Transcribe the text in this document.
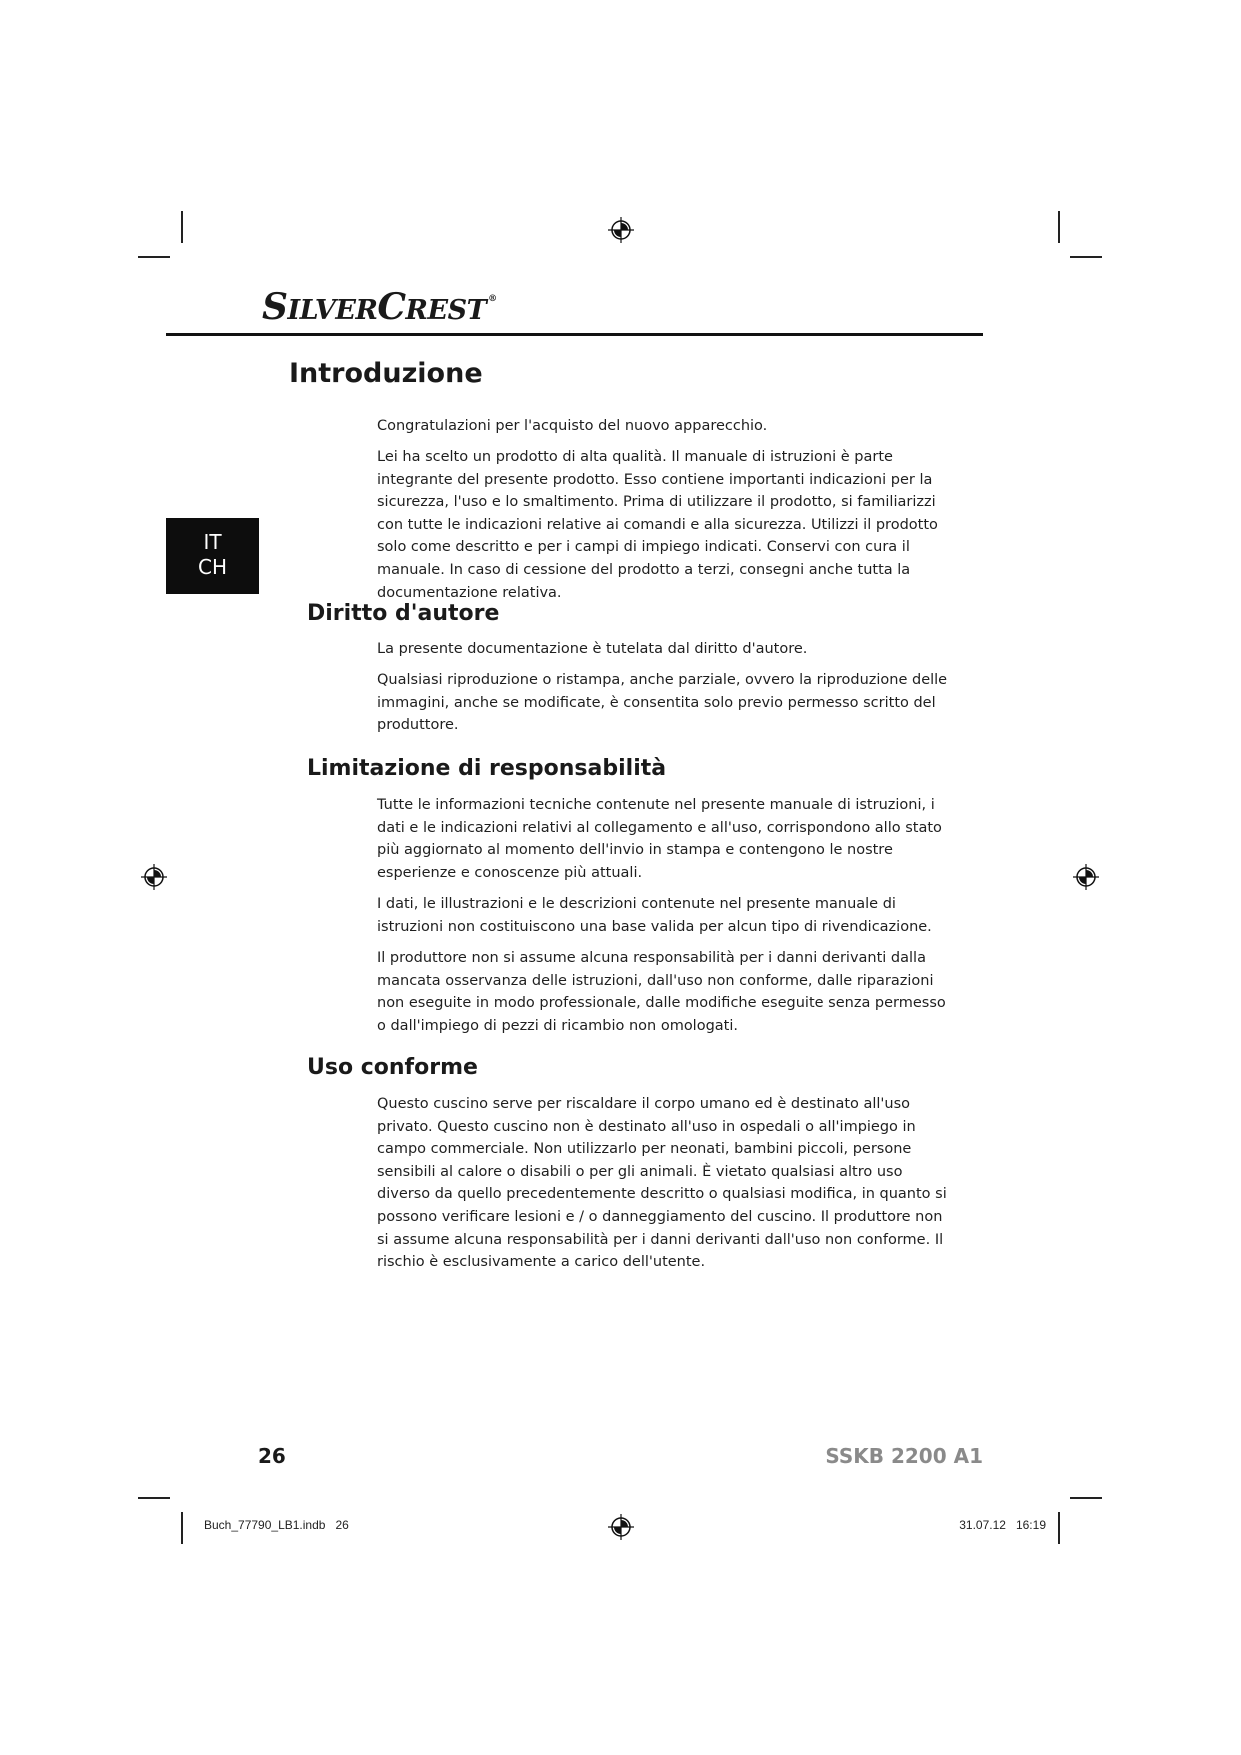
SILVERCREST ®
IT
CH
Introduzione

Congratulazioni per l'acquisto del nuovo apparecchio.

Lei ha scelto un prodotto di alta qualità. Il manuale di istruzioni è parte integrante del presente prodotto. Esso contiene importanti indicazioni per la sicurezza, l'uso e lo smaltimento. Prima di utilizzare il prodotto, si familiarizzi con tutte le indicazioni relative ai comandi e alla sicurezza. Utilizzi il prodotto solo come descritto e per i campi di impiego indicati. Conservi con cura il manuale. In caso di cessione del prodotto a terzi, consegni anche tutta la documentazione relativa.

Diritto d'autore

La presente documentazione è tutelata dal diritto d'autore.

Qualsiasi riproduzione o ristampa, anche parziale, ovvero la riproduzione delle immagini, anche se modificate, è consentita solo previo permesso scritto del produttore.

Limitazione di responsabilità

Tutte le informazioni tecniche contenute nel presente manuale di istruzioni, i dati e le indicazioni relativi al collegamento e all'uso, corrispondono allo stato più aggiornato al momento dell'invio in stampa e contengono le nostre esperienze e conoscenze più attuali.

I dati, le illustrazioni e le descrizioni contenute nel presente manuale di istruzioni non costituiscono una base valida per alcun tipo di rivendicazione.

Il produttore non si assume alcuna responsabilità per i danni derivanti dalla mancata osservanza delle istruzioni, dall'uso non conforme, dalle riparazioni non eseguite in modo professionale, dalle modifiche eseguite senza permesso o dall'impiego di pezzi di ricambio non omologati.

Uso conforme

Questo cuscino serve per riscaldare il corpo umano ed è destinato all'uso privato. Questo cuscino non è destinato all'uso in ospedali o all'impiego in campo commerciale. Non utilizzarlo per neonati, bambini piccoli, persone sensibili al calore o disabili o per gli animali. È vietato qualsiasi altro uso diverso da quello precedentemente descritto o qualsiasi modifica, in quanto si possono verificare lesioni e / o danneggiamento del cuscino. Il produttore non si assume alcuna responsabilità per i danni derivanti dall'uso non conforme. Il rischio è esclusivamente a carico dell'utente.

26	SSKB 2200 A1
Buch_77790_LB1.indb   26	31.07.12   16:19
